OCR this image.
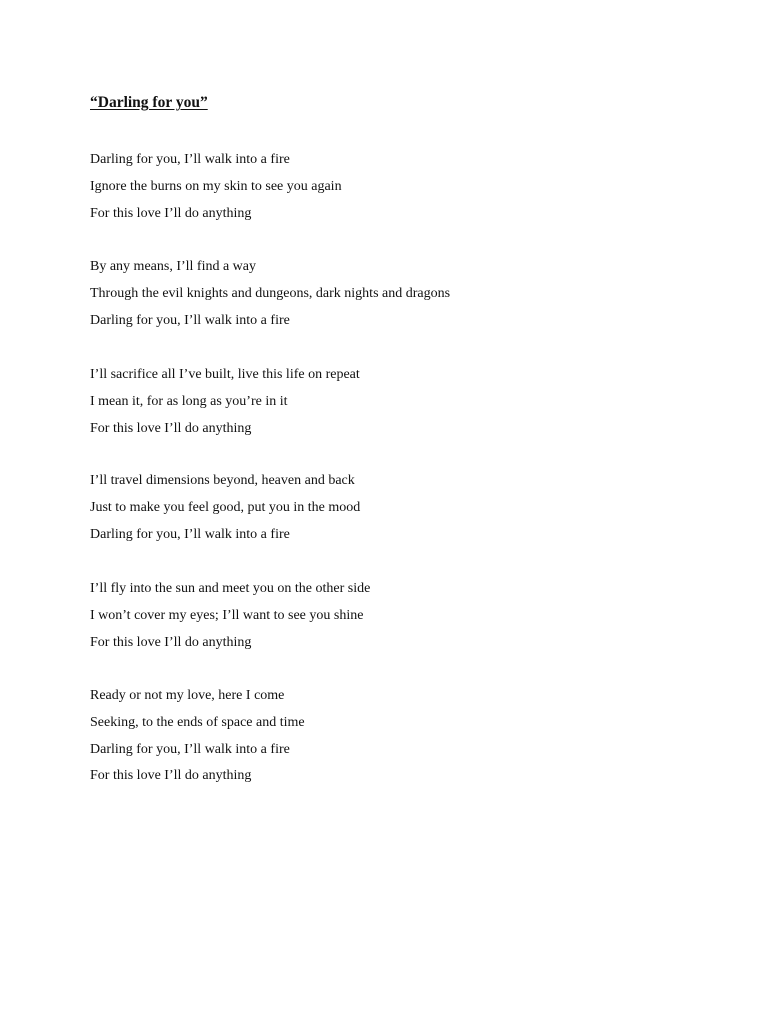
“Darling for you”
Darling for you, I’ll walk into a fire
Ignore the burns on my skin to see you again
For this love I’ll do anything
By any means, I’ll find a way
Through the evil knights and dungeons, dark nights and dragons
Darling for you, I’ll walk into a fire
I’ll sacrifice all I’ve built, live this life on repeat
I mean it, for as long as you’re in it
For this love I’ll do anything
I’ll travel dimensions beyond, heaven and back
Just to make you feel good, put you in the mood
Darling for you, I’ll walk into a fire
I’ll fly into the sun and meet you on the other side
I won’t cover my eyes; I’ll want to see you shine
For this love I’ll do anything
Ready or not my love, here I come
Seeking, to the ends of space and time
Darling for you, I’ll walk into a fire
For this love I’ll do anything
